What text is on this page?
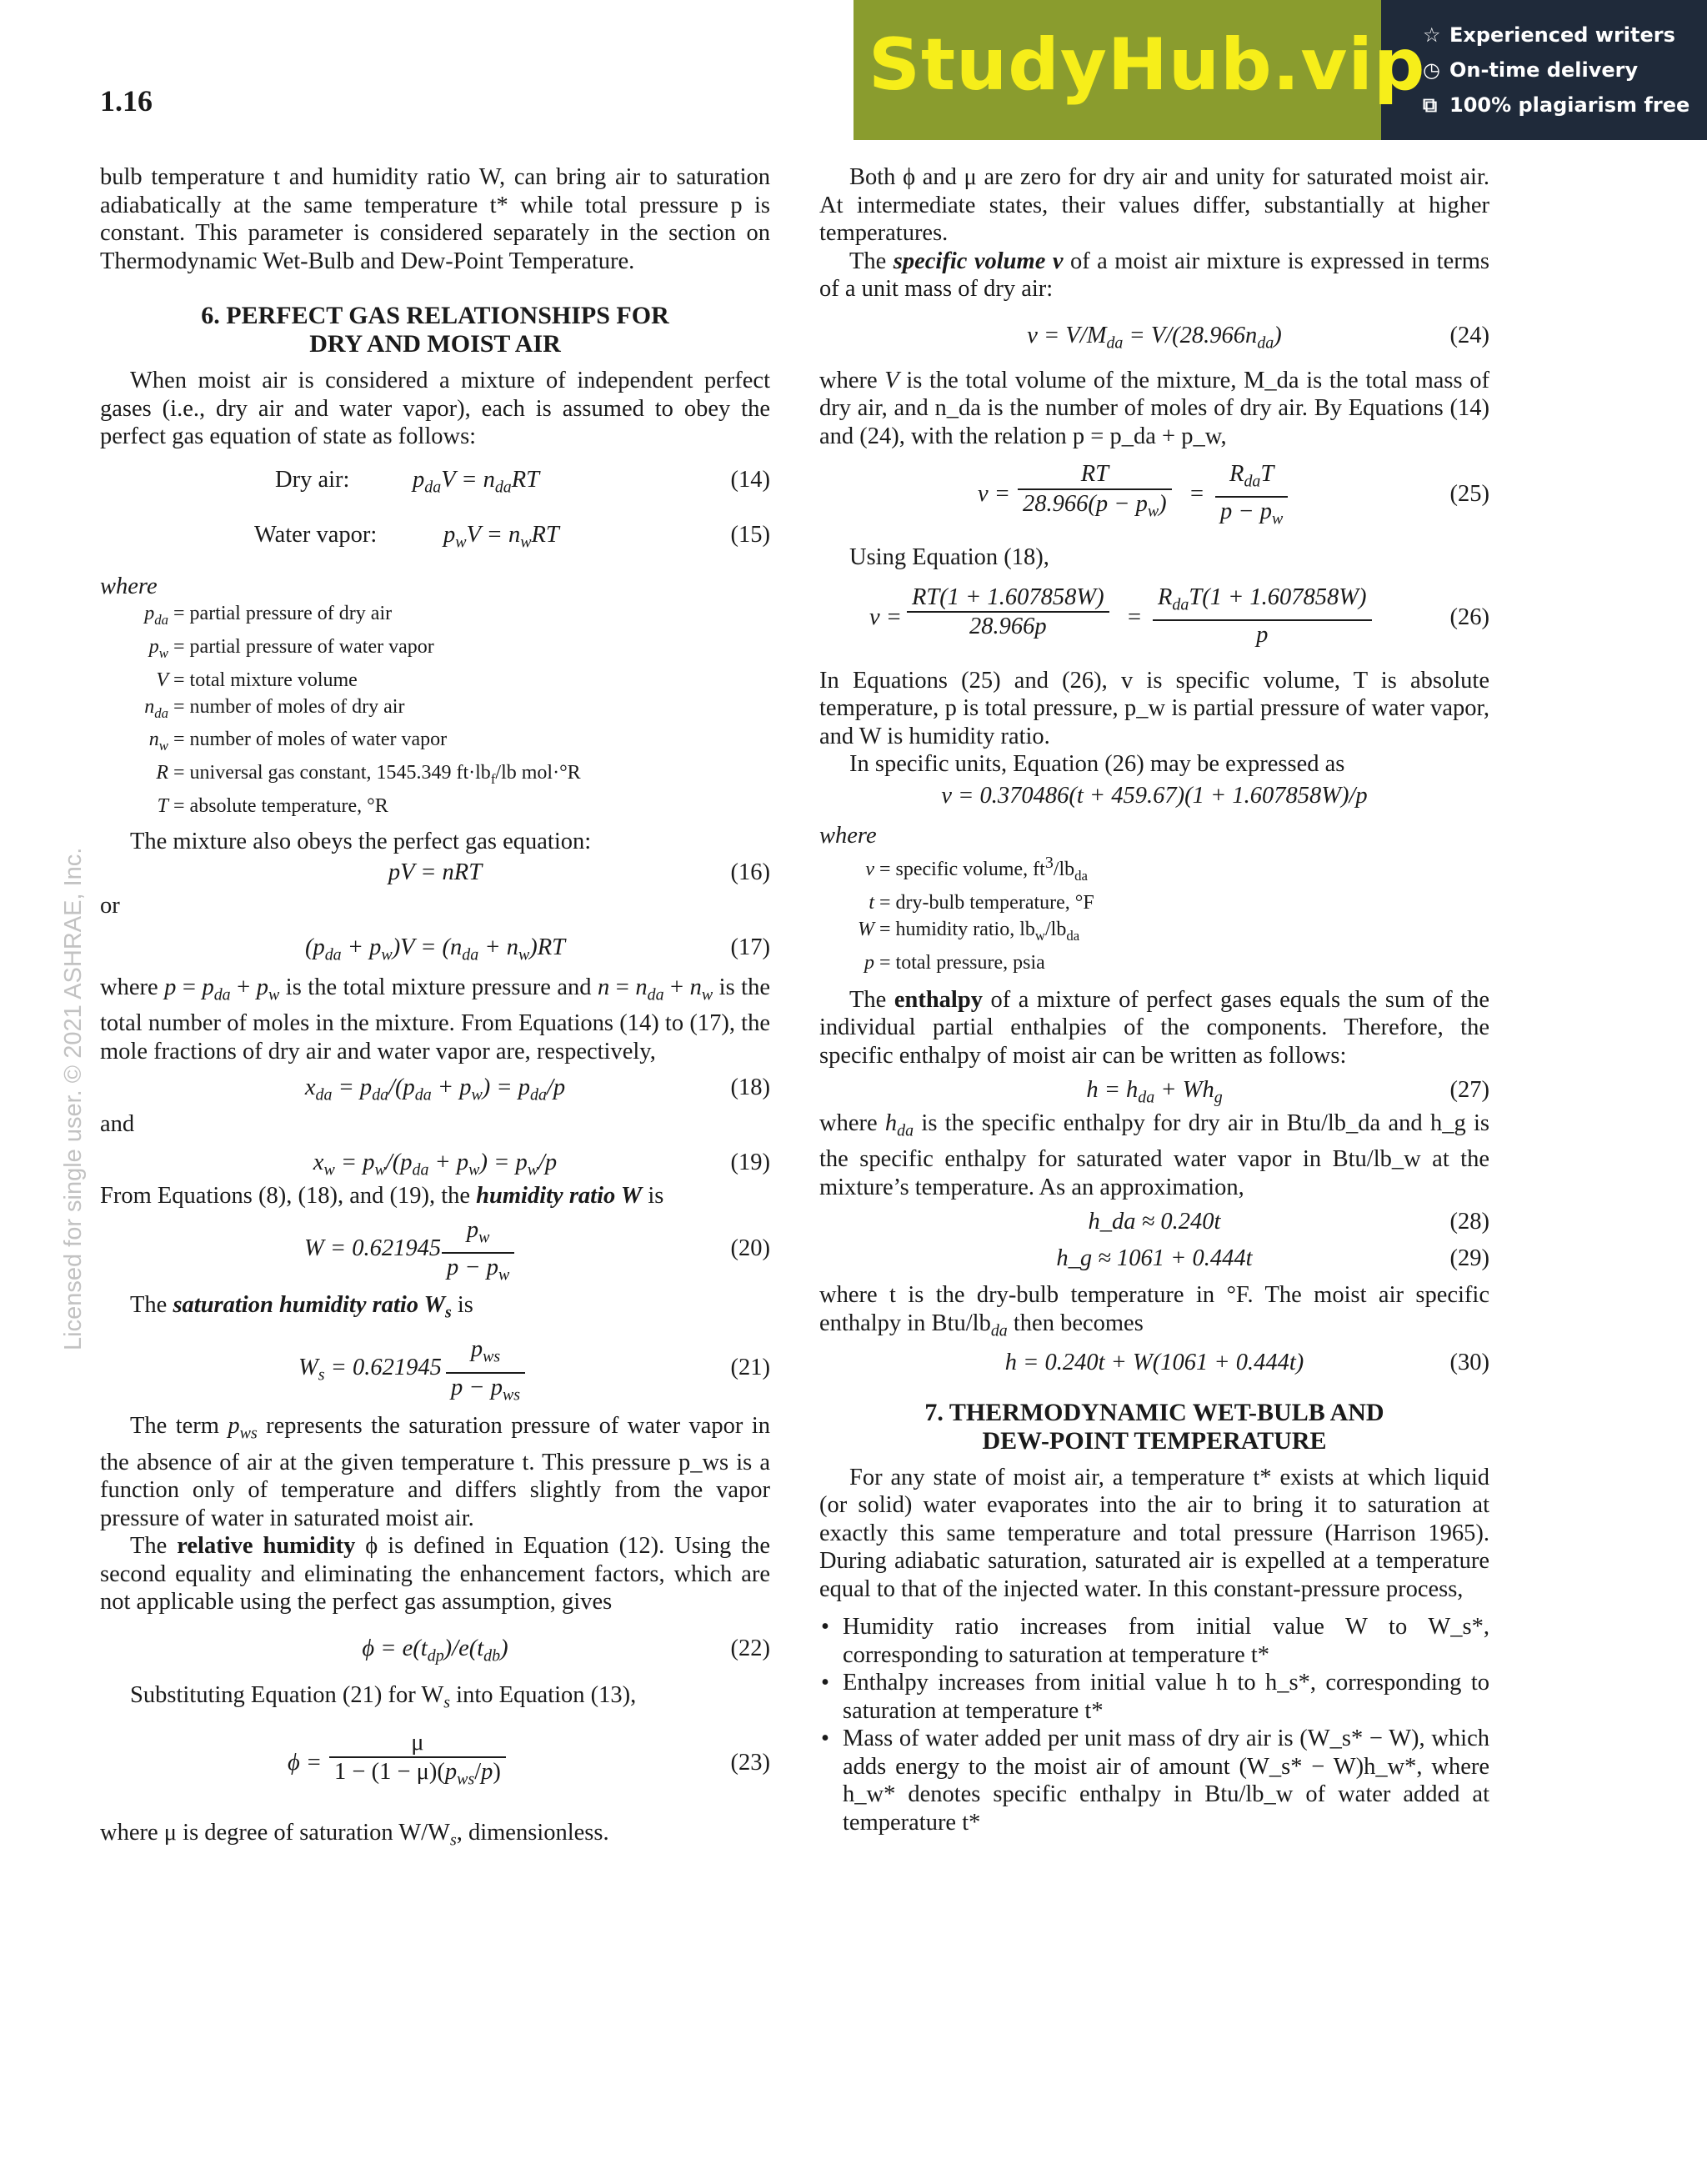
1.16	StudyHub.vip
☆ Experienced writers
◷ On-time delivery
⧉ 100% plagiarism free
Licensed for single user. © 2021 ASHRAE, Inc.

bulb temperature t and humidity ratio W, can bring air to saturation adiabatically at the same temperature t* while total pressure p is constant. This parameter is considered separately in the section on Thermodynamic Wet-Bulb and Dew-Point Temperature.

6. PERFECT GAS RELATIONSHIPS FOR
DRY AND MOIST AIR

When moist air is considered a mixture of independent perfect gases (i.e., dry air and water vapor), each is assumed to obey the perfect gas equation of state as follows:

Dry air:	$p_{da}V = n_{da}RT$	(14)
Water vapor:	$p_wV = n_wRT$	(15)
where
$p_{da}$ = partial pressure of dry air
$p_w$ = partial pressure of water vapor
V = total mixture volume
$n_{da}$ = number of moles of dry air
$n_w$ = number of moles of water vapor
R = universal gas constant, 1545.349 $ft\cdot lb_f/lb$ mol·°R
T = absolute temperature, °R

The mixture also obeys the perfect gas equation:

pV = nRT	(16)
or
$(p_{da} + p_w)V = (n_{da} + n_w)RT$	(17)

where $p = p_{da} + p_w$ is the total mixture pressure and $n = n_{da} + n_w$ is the total number of moles in the mixture. From Equations (14) to (17), the mole fractions of dry air and water vapor are, respectively,

$x_{da} = p_{da}/(p_{da} + p_w) = p_{da}/p$	(18)
and
$x_w = p_w/(p_{da} + p_w) = p_w/p$	(19)

From Equations (8), (18), and (19), the humidity ratio W is

$W = 0.621945 \frac{p_w}{p - p_w}$	(20)

The saturation humidity ratio $W_s$ is

$W_s = 0.621945$
$p_{ws}$
$p - p_{ws}$
(21)

The term $p_{ws}$ represents the saturation pressure of water vapor in the absence of air at the given temperature t. This pressure p_ws is a function only of temperature and differs slightly from the vapor pressure of water in saturated moist air.

The relative humidity ϕ is defined in Equation (12). Using the second equality and eliminating the enhancement factors, which are not applicable using the perfect gas assumption, gives

$\phi = e(t_{dp})/e(t_{db})$	(22)

Substituting Equation (21) for $W_s$ into Equation (13),

ϕ =
μ
$1 - (1 - \mu)(p_{ws}/p)$	(23)

where μ is degree of saturation $W/W_s$, dimensionless.

Both ϕ and μ are zero for dry air and unity for saturated moist air. At intermediate states, their values differ, substantially at higher temperatures.

The specific volume v of a moist air mixture is expressed in terms of a unit mass of dry air:

$v = V/M_{da} = V/(28.966n_{da})$	(24)

where V is the total volume of the mixture, M_da is the total mass of dry air, and n_da is the number of moles of dry air. By Equations (14) and (24), with the relation p = p_da + p_w,

$v = \frac{RT}{28.966(p - p_w)}$ =
$R_{da}T$
$p - p_w$
(25)

Using Equation (18),

$v = \frac{RT(1 + 1.607858W)}{28.966p}$ =
$R_{da}T(1 + 1.607858W)$
p
(26)

In Equations (25) and (26), v is specific volume, T is absolute temperature, p is total pressure, p_w is partial pressure of water vapor, and W is humidity ratio.

In specific units, Equation (26) may be expressed as

v = 0.370486(t + 459.67)(1 + 1.607858W)/p
where
v = specific volume, $ft^3/lb_{da}$
t = dry-bulb temperature, °F
W = humidity ratio, $lb_w/lb_{da}$
p = total pressure, psia

The enthalpy of a mixture of perfect gases equals the sum of the individual partial enthalpies of the components. Therefore, the specific enthalpy of moist air can be written as follows:

$h = h_{da} + Wh_g$	(27)

where $h_{da}$ is the specific enthalpy for dry air in Btu/lb_da and h_g is the specific enthalpy for saturated water vapor in Btu/lb_w at the mixture’s temperature. As an approximation,

h_da ≈ 0.240t	(28)
h_g ≈ 1061 + 0.444t	(29)

where t is the dry-bulb temperature in °F. The moist air specific enthalpy in Btu/$lb_{da}$ then becomes

h = 0.240t + W(1061 + 0.444t)	(30)
7. THERMODYNAMIC WET-BULB AND
DEW-POINT TEMPERATURE

For any state of moist air, a temperature t* exists at which liquid (or solid) water evaporates into the air to bring it to saturation at exactly this same temperature and total pressure (Harrison 1965). During adiabatic saturation, saturated air is expelled at a temperature equal to that of the injected water. In this constant-pressure process,

• Humidity ratio increases from initial value W to W_s*, corresponding to saturation at temperature t*
• Enthalpy increases from initial value h to h_s*, corresponding to saturation at temperature t*
• Mass of water added per unit mass of dry air is (W_s* − W), which adds energy to the moist air of amount (W_s* − W)h_w*, where h_w* denotes specific enthalpy in Btu/lb_w of water added at temperature t*
